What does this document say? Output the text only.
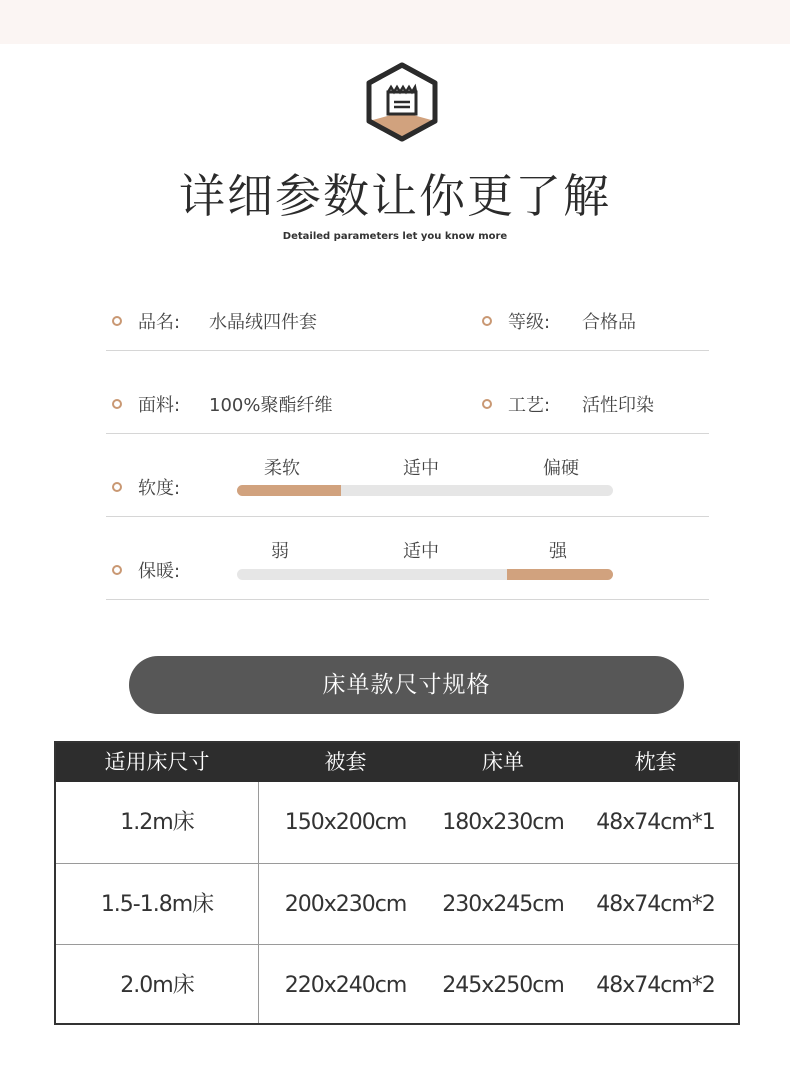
详细参数让你更了解
Detailed parameters let you know more
品名: 水晶绒四件套	等级: 合格品
面料: 100%聚酯纤维	工艺: 活性印染
软度:
柔软	适中	偏硬
保暖:
弱	适中	强
床单款尺寸规格
适用床尺寸	被套	床单	枕套
1.2m床	150x200cm	180x230cm	48x74cm*1
1.5-1.8m床	200x230cm	230x245cm	48x74cm*2
2.0m床	220x240cm	245x250cm	48x74cm*2
